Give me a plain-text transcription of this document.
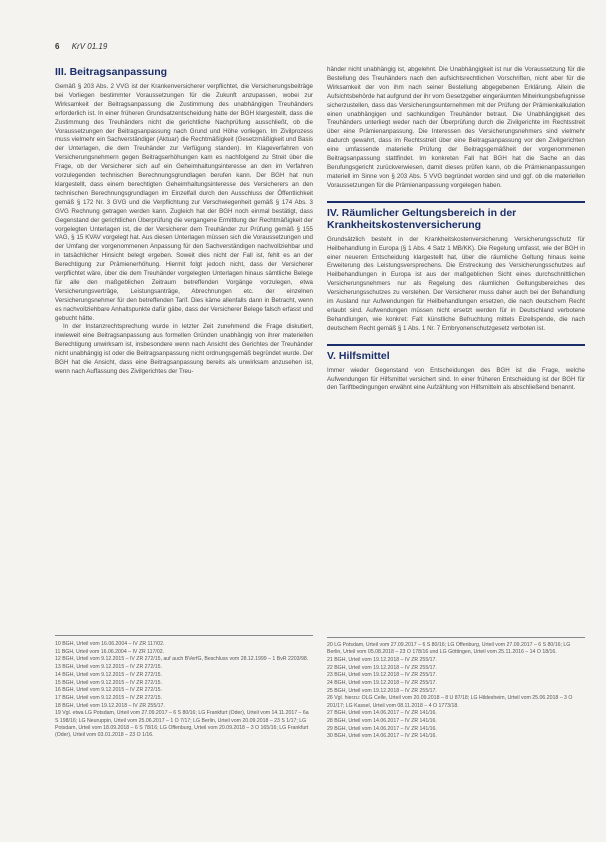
6 KrV 01.19
III. Beitragsanpassung

Gemäß § 203 Abs. 2 VVG ist der Krankenversicherer verpflichtet, die Versicherungsbeiträge bei Vorliegen bestimmter Voraussetzungen für die Zukunft anzupassen, wobei zur Wirksamkeit der Beitragsanpassung die Zustimmung des unabhängigen Treuhänders erforderlich ist. In einer früheren Grundsatzentscheidung hatte der BGH klargestellt, dass die Zustimmung des Treuhänders nicht die gerichtliche Nachprüfung ausschließt, ob die Voraussetzungen der Beitragsanpassung nach Grund und Höhe vorliegen. Im Zivilprozess muss vielmehr ein Sachverständiger (Aktuar) die Rechtmäßigkeit (Gesetzmäßigkeit und Basis der Unterlagen, die dem Treuhänder zur Verfügung standen). Im Klageverfahren von Versicherungsnehmern gegen Beitragserhöhungen kam es nachfolgend zu Streit über die Frage, ob der Versicherer sich auf ein Geheimhaltungsinteresse an den im Verfahren vorzulegenden technischen Berechnungsgrundlagen berufen kann. Der BGH hat nun klargestellt, dass einem berechtigten Geheimhaltungsinteresse des Versicherers an den technischen Berechnungsgrundlagen im Einzelfall durch den Ausschluss der Öffentlichkeit gemäß § 172 Nr. 3 GVG und die Verpflichtung zur Verschwiegenheit gemäß § 174 Abs. 3 GVG Rechnung getragen werden kann. Zugleich hat der BGH noch einmal bestätigt, dass Gegenstand der gerichtlichen Überprüfung die vergangene Ermittlung der Rechtmäßigkeit der vorgelegten Unterlagen ist, die der Versicherer dem Treuhänder zur Prüfung gemäß § 155 VAG, § 15 KVAV vorgelegt hat. Aus diesen Unterlagen müssen sich die Voraussetzungen und der Umfang der vorgenommenen Anpassung für den Sachverständigen nachvollziehbar und in tatsächlicher Hinsicht belegt ergeben. Soweit dies nicht der Fall ist, fehlt es an der Berechtigung zur Prämienerhöhung. Hiermit folgt jedoch nicht, dass der Versicherer verpflichtet wäre, über die dem Treuhänder vorgelegten Unterlagen hinaus sämtliche Belege für alle den maßgeblichen Zeitraum betreffenden Vorgänge vorzulegen, etwa Versicherungsverträge, Leistungsanträge, Abrechnungen etc. der einzelnen Versicherungsnehmer für den betreffenden Tarif. Dies käme allenfalls dann in Betracht, wenn es nachvollziehbare Anhaltspunkte dafür gäbe, dass der Versicherer Belege falsch erfasst und gebucht hätte.

In der Instanzrechtsprechung wurde in letzter Zeit zunehmend die Frage diskutiert, inwieweit eine Beitragsanpassung aus formellen Gründen unabhängig von ihrer materiellen Berechtigung unwirksam ist, insbesondere wenn nach Ansicht des Gerichtes der Treuhänder nicht unabhängig ist oder die Beitragsanpassung nicht ordnungsgemäß begründet wurde. Der BGH hat die Ansicht, dass eine Beitragsanpassung bereits als unwirksam anzusehen ist, wenn nach Auffassung des Zivilgerichtes der Treu-

händer nicht unabhängig ist, abgelehnt. Die Unabhängigkeit ist nur die Voraussetzung für die Bestellung des Treuhänders nach den aufsichtsrechtlichen Vorschriften, nicht aber für die Wirksamkeit der von ihm nach seiner Bestellung abgegebenen Erklärung. Allein die Aufsichtsbehörde hat aufgrund der ihr vom Gesetzgeber eingeräumten Mitwirkungsbefugnisse sicherzustellen, dass das Versicherungsunternehmen mit der Prüfung der Prämienkalkulation einen unabhängigen und sachkundigen Treuhänder betraut. Die Unabhängigkeit des Treuhänders unterliegt weder nach der Überprüfung durch die Zivilgerichte im Rechtsstreit über eine Prämienanpassung. Die Interessen des Versicherungsnehmers sind vielmehr dadurch gewahrt, dass im Rechtsstreit über eine Beitragsanpassung vor den Zivilgerichten eine umfassende materielle Prüfung der Beitragsgemäßheit der vorgenommenen Beitragsanpassung stattfindet. Im konkreten Fall hat BGH hat die Sache an das Berufungsgericht zurückverwiesen, damit dieses prüfen kann, ob die Prämienanpassungen materiell im Sinne von § 203 Abs. 5 VVG begründet worden sind und ggf. ob die materiellen Voraussetzungen für die Prämienanpassung vorgelegen haben.

IV. Räumlicher Geltungsbereich in der Krankheitskostenversicherung

Grundsätzlich besteht in der Krankheitskostenversicherung Versicherungsschutz für Heilbehandlung in Europa (§ 1 Abs. 4 Satz 1 MB/KK). Die Regelung umfasst, wie der BGH in einer neueren Entscheidung klargestellt hat, über die räumliche Geltung hinaus keine Erweiterung des Leistungsversprechens. Die Erstreckung des Versicherungsschutzes auf Heilbehandlungen in Europa ist aus der maßgeblichen Sicht eines durchschnittlichen Versicherungsnehmers nur als Regelung des räumlichen Geltungsbereiches des Versicherungsschutzes zu verstehen. Der Versicherer muss daher auch bei der Behandlung im Ausland nur Aufwendungen für Heilbehandlungen ersetzen, die nach deutschem Recht erlaubt sind. Aufwendungen müssen nicht ersetzt werden für in Deutschland verbotene Behandlungen, wie konkret: Fall: künstliche Befruchtung mittels Eizellspende, die nach deutschem Recht gemäß § 1 Abs. 1 Nr. 7 Embryonenschutzgesetz verboten ist.

V. Hilfsmittel

Immer wieder Gegenstand von Entscheidungen des BGH ist die Frage, welche Aufwendungen für Hilfsmittel versichert sind. In einer früheren Entscheidung ist der BGH für den Tariftbedingungen erwähnt eine Aufzählung von Hilfsmitteln als abschließend benannt.

10 BGH, Urteil vom 16.06.2004 – IV ZR 117/02.
11 BGH, Urteil vom 16.06.2004 – IV ZR 117/02.
12 BGH, Urteil vom 9.12.2015 – IV ZR 272/15, auf auch BVerfG, Beschluss vom 28.12.1999 – 1 BvR 2203/98.
13 BGH, Urteil vom 9.12.2015 – IV ZR 272/15.
14 BGH, Urteil vom 9.12.2015 – IV ZR 272/15.
15 BGH, Urteil vom 9.12.2015 – IV ZR 272/15.
16 BGH, Urteil vom 9.12.2015 – IV ZR 272/15.
17 BGH, Urteil vom 9.12.2015 – IV ZR 272/15.
18 BGH, Urteil vom 19.12.2018 – IV ZR 255/17.
19 Vgl. etwa LG Potsdam, Urteil vom 27.09.2017 – 6 S 80/16; LG Frankfurt (Oder), Urteil vom 14.11.2017 – 6a S 198/16; LG Neuruppin, Urteil vom 25.06.2017 – 1 O 7/17; LG Berlin, Urteil vom 20.09.2018 – 23 S 1/17; LG Potsdam, Urteil vom 18.09.2018 – 6 S 78/16; LG Offenburg, Urteil vom 20.09.2018 – 3 O 165/16; LG Frankfurt (Oder), Urteil vom 03.01.2018 – 23 O 1/16.
20 LG Potsdam, Urteil vom 27.09.2017 – 6 S 80/16; LG Offenburg, Urteil vom 27.09.2017 – 6 S 80/16; LG Berlin, Urteil vom 05.08.2018 – 23 O 178/16 und LG Göttingen, Urteil vom 25.11.2016 – 14 O 18/16.
21 BGH, Urteil vom 19.12.2018 – IV ZR 255/17.
22 BGH, Urteil vom 19.12.2018 – IV ZR 255/17.
23 BGH, Urteil vom 19.12.2018 – IV ZR 255/17.
24 BGH, Urteil vom 19.12.2018 – IV ZR 255/17.
25 BGH, Urteil vom 19.12.2018 – IV ZR 255/17.
26 Vgl. hierzu: OLG Celle, Urteil vom 20.09.2018 – 8 U 87/18; LG Hildesheim, Urteil vom 25.06.2018 – 3 O 201/17; LG Kassel, Urteil vom 08.11.2018 – 4 O 1773/18.
27 BGH, Urteil vom 14.06.2017 – IV ZR 141/16.
28 BGH, Urteil vom 14.06.2017 – IV ZR 141/16.
29 BGH, Urteil vom 14.06.2017 – IV ZR 141/16.
30 BGH, Urteil vom 14.06.2017 – IV ZR 141/16.
